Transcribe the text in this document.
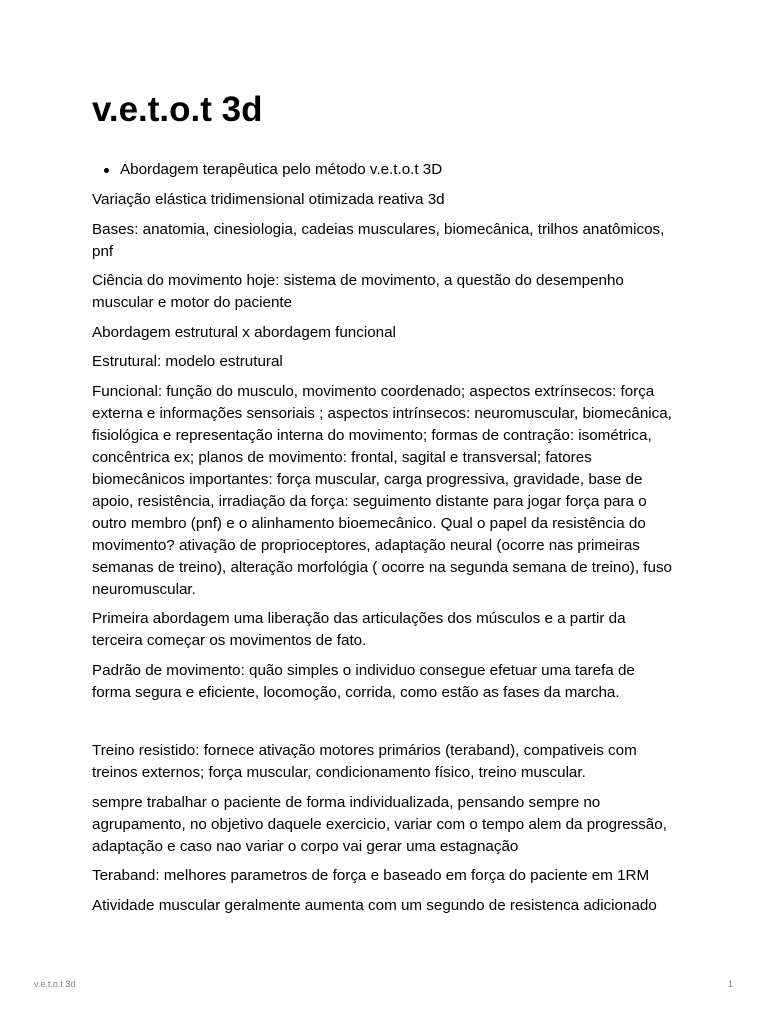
v.e.t.o.t 3d
Abordagem terapêutica pelo método v.e.t.o.t 3D

Variação elástica tridimensional otimizada reativa 3d

Bases: anatomia, cinesiologia, cadeias musculares, biomecânica, trilhos anatômicos, pnf

Ciência do movimento hoje: sistema de movimento, a questão do desempenho muscular e motor do paciente

Abordagem estrutural x abordagem funcional

Estrutural: modelo estrutural

Funcional: função do musculo, movimento coordenado; aspectos extrínsecos: força externa e informações sensoriais ; aspectos intrínsecos: neuromuscular, biomecânica, fisiológica e representação interna do movimento; formas de contração: isométrica, concêntrica ex; planos de movimento: frontal, sagital e transversal; fatores biomecânicos importantes: força muscular, carga progressiva, gravidade, base de apoio, resistência, irradiação da força: seguimento distante para jogar força para o outro membro (pnf) e o alinhamento bioemecânico. Qual o papel da resistência do movimento? ativação de proprioceptores, adaptação neural (ocorre nas primeiras semanas de treino), alteração morfológia ( ocorre na segunda semana de treino), fuso neuromuscular.

Primeira abordagem uma liberação das articulações dos músculos e a partir da terceira começar os movimentos de fato.

Padrão de movimento: quão simples o individuo consegue efetuar uma tarefa de forma segura e eficiente, locomoção, corrida, como estão as fases da marcha.

Treino resistido: fornece ativação motores primários (teraband), compativeis com treinos externos; força muscular, condicionamento físico, treino muscular.

sempre trabalhar o paciente de forma individualizada, pensando sempre no agrupamento, no objetivo daquele exercicio, variar com o tempo alem da progressão, adaptação e caso nao variar o corpo vai gerar uma estagnação

Teraband: melhores parametros de força e baseado em força do paciente em 1RM

Atividade muscular geralmente aumenta com um segundo de resistenca adicionado

v.e.t.o.t 3d	1
